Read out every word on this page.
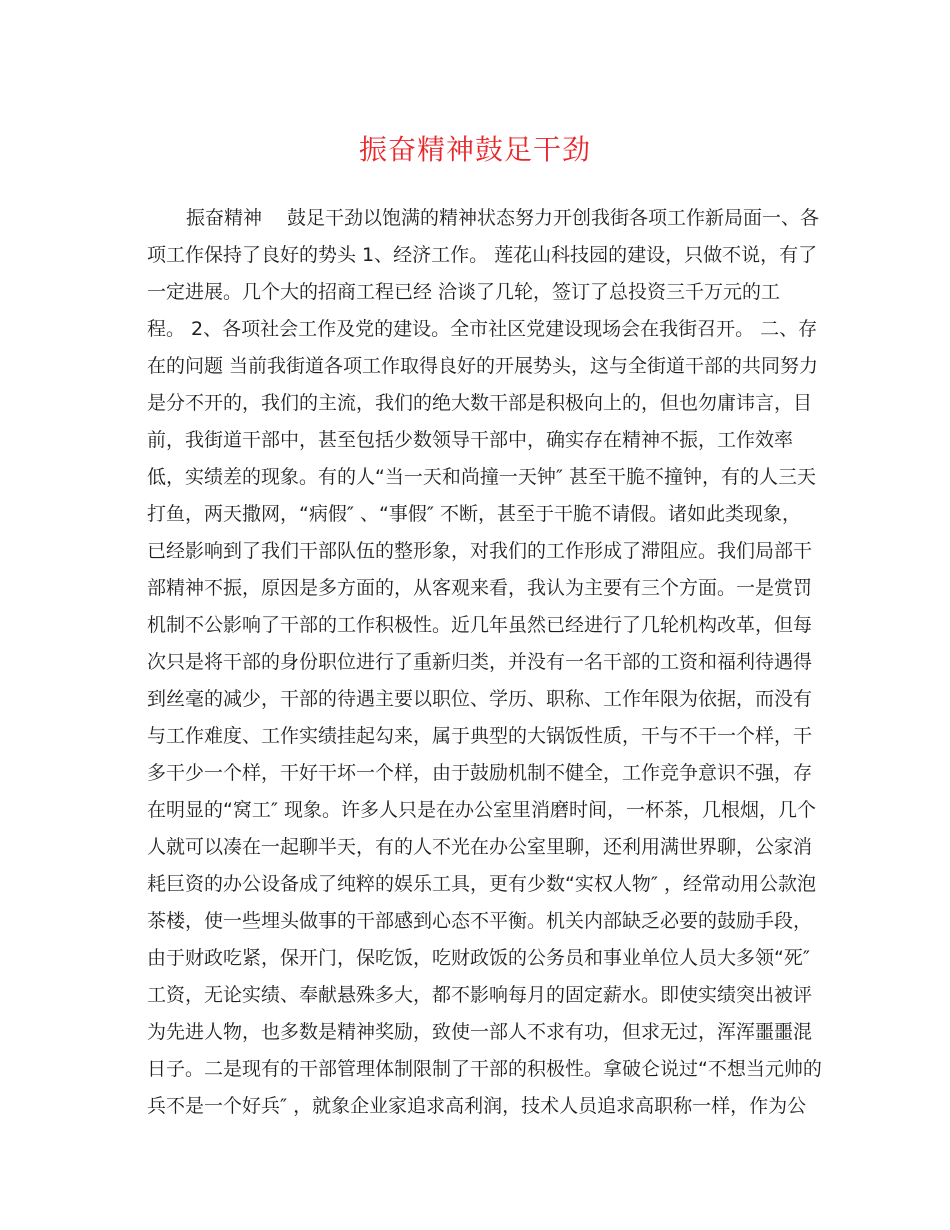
振奋精神鼓足干劲
振奋精神　 鼓足干劲以饱满的精神状态努力开创我街各项工作新局面一、各
项工作保持了良好的势头 1、经济工作。 莲花山科技园的建设，只做不说，有了
一定进展。几个大的招商工程已经 洽谈了几轮，签订了总投资三千万元的工
程。 2、各项社会工作及党的建设。全市社区党建设现场会在我街召开。 二、存
在的问题 当前我街道各项工作取得良好的开展势头，这与全街道干部的共同努力
是分不开的，我们的主流，我们的绝大数干部是积极向上的，但也勿庸讳言，目
前，我街道干部中，甚至包括少数领导干部中，确实存在精神不振，工作效率
低，实绩差的现象。有的人“当一天和尚撞一天钟″ 甚至干脆不撞钟，有的人三天
打鱼，两天撒网，“病假″ 、“事假″ 不断，甚至于干脆不请假。诸如此类现象，
已经影响到了我们干部队伍的整形象，对我们的工作形成了滞阻应。我们局部干
部精神不振，原因是多方面的，从客观来看，我认为主要有三个方面。一是赏罚
机制不公影响了干部的工作积极性。近几年虽然已经进行了几轮机构改革，但每
次只是将干部的身份职位进行了重新归类，并没有一名干部的工资和福利待遇得
到丝毫的减少，干部的待遇主要以职位、学历、职称、工作年限为依据，而没有
与工作难度、工作实绩挂起勾来，属于典型的大锅饭性质，干与不干一个样，干
多干少一个样，干好干坏一个样，由于鼓励机制不健全，工作竞争意识不强，存
在明显的“窝工″ 现象。许多人只是在办公室里消磨时间，一杯茶，几根烟，几个
人就可以凑在一起聊半天，有的人不光在办公室里聊，还利用满世界聊，公家消
耗巨资的办公设备成了纯粹的娱乐工具，更有少数“实权人物″ ，经常动用公款泡
茶楼，使一些埋头做事的干部感到心态不平衡。机关内部缺乏必要的鼓励手段，
由于财政吃紧，保开门，保吃饭，吃财政饭的公务员和事业单位人员大多领“死″
工资，无论实绩、奉献悬殊多大，都不影响每月的固定薪水。即使实绩突出被评
为先进人物，也多数是精神奖励，致使一部人不求有功，但求无过，浑浑噩噩混
日子。二是现有的干部管理体制限制了干部的积极性。拿破仑说过“不想当元帅的
兵不是一个好兵″ ，就象企业家追求高利润，技术人员追求高职称一样，作为公
